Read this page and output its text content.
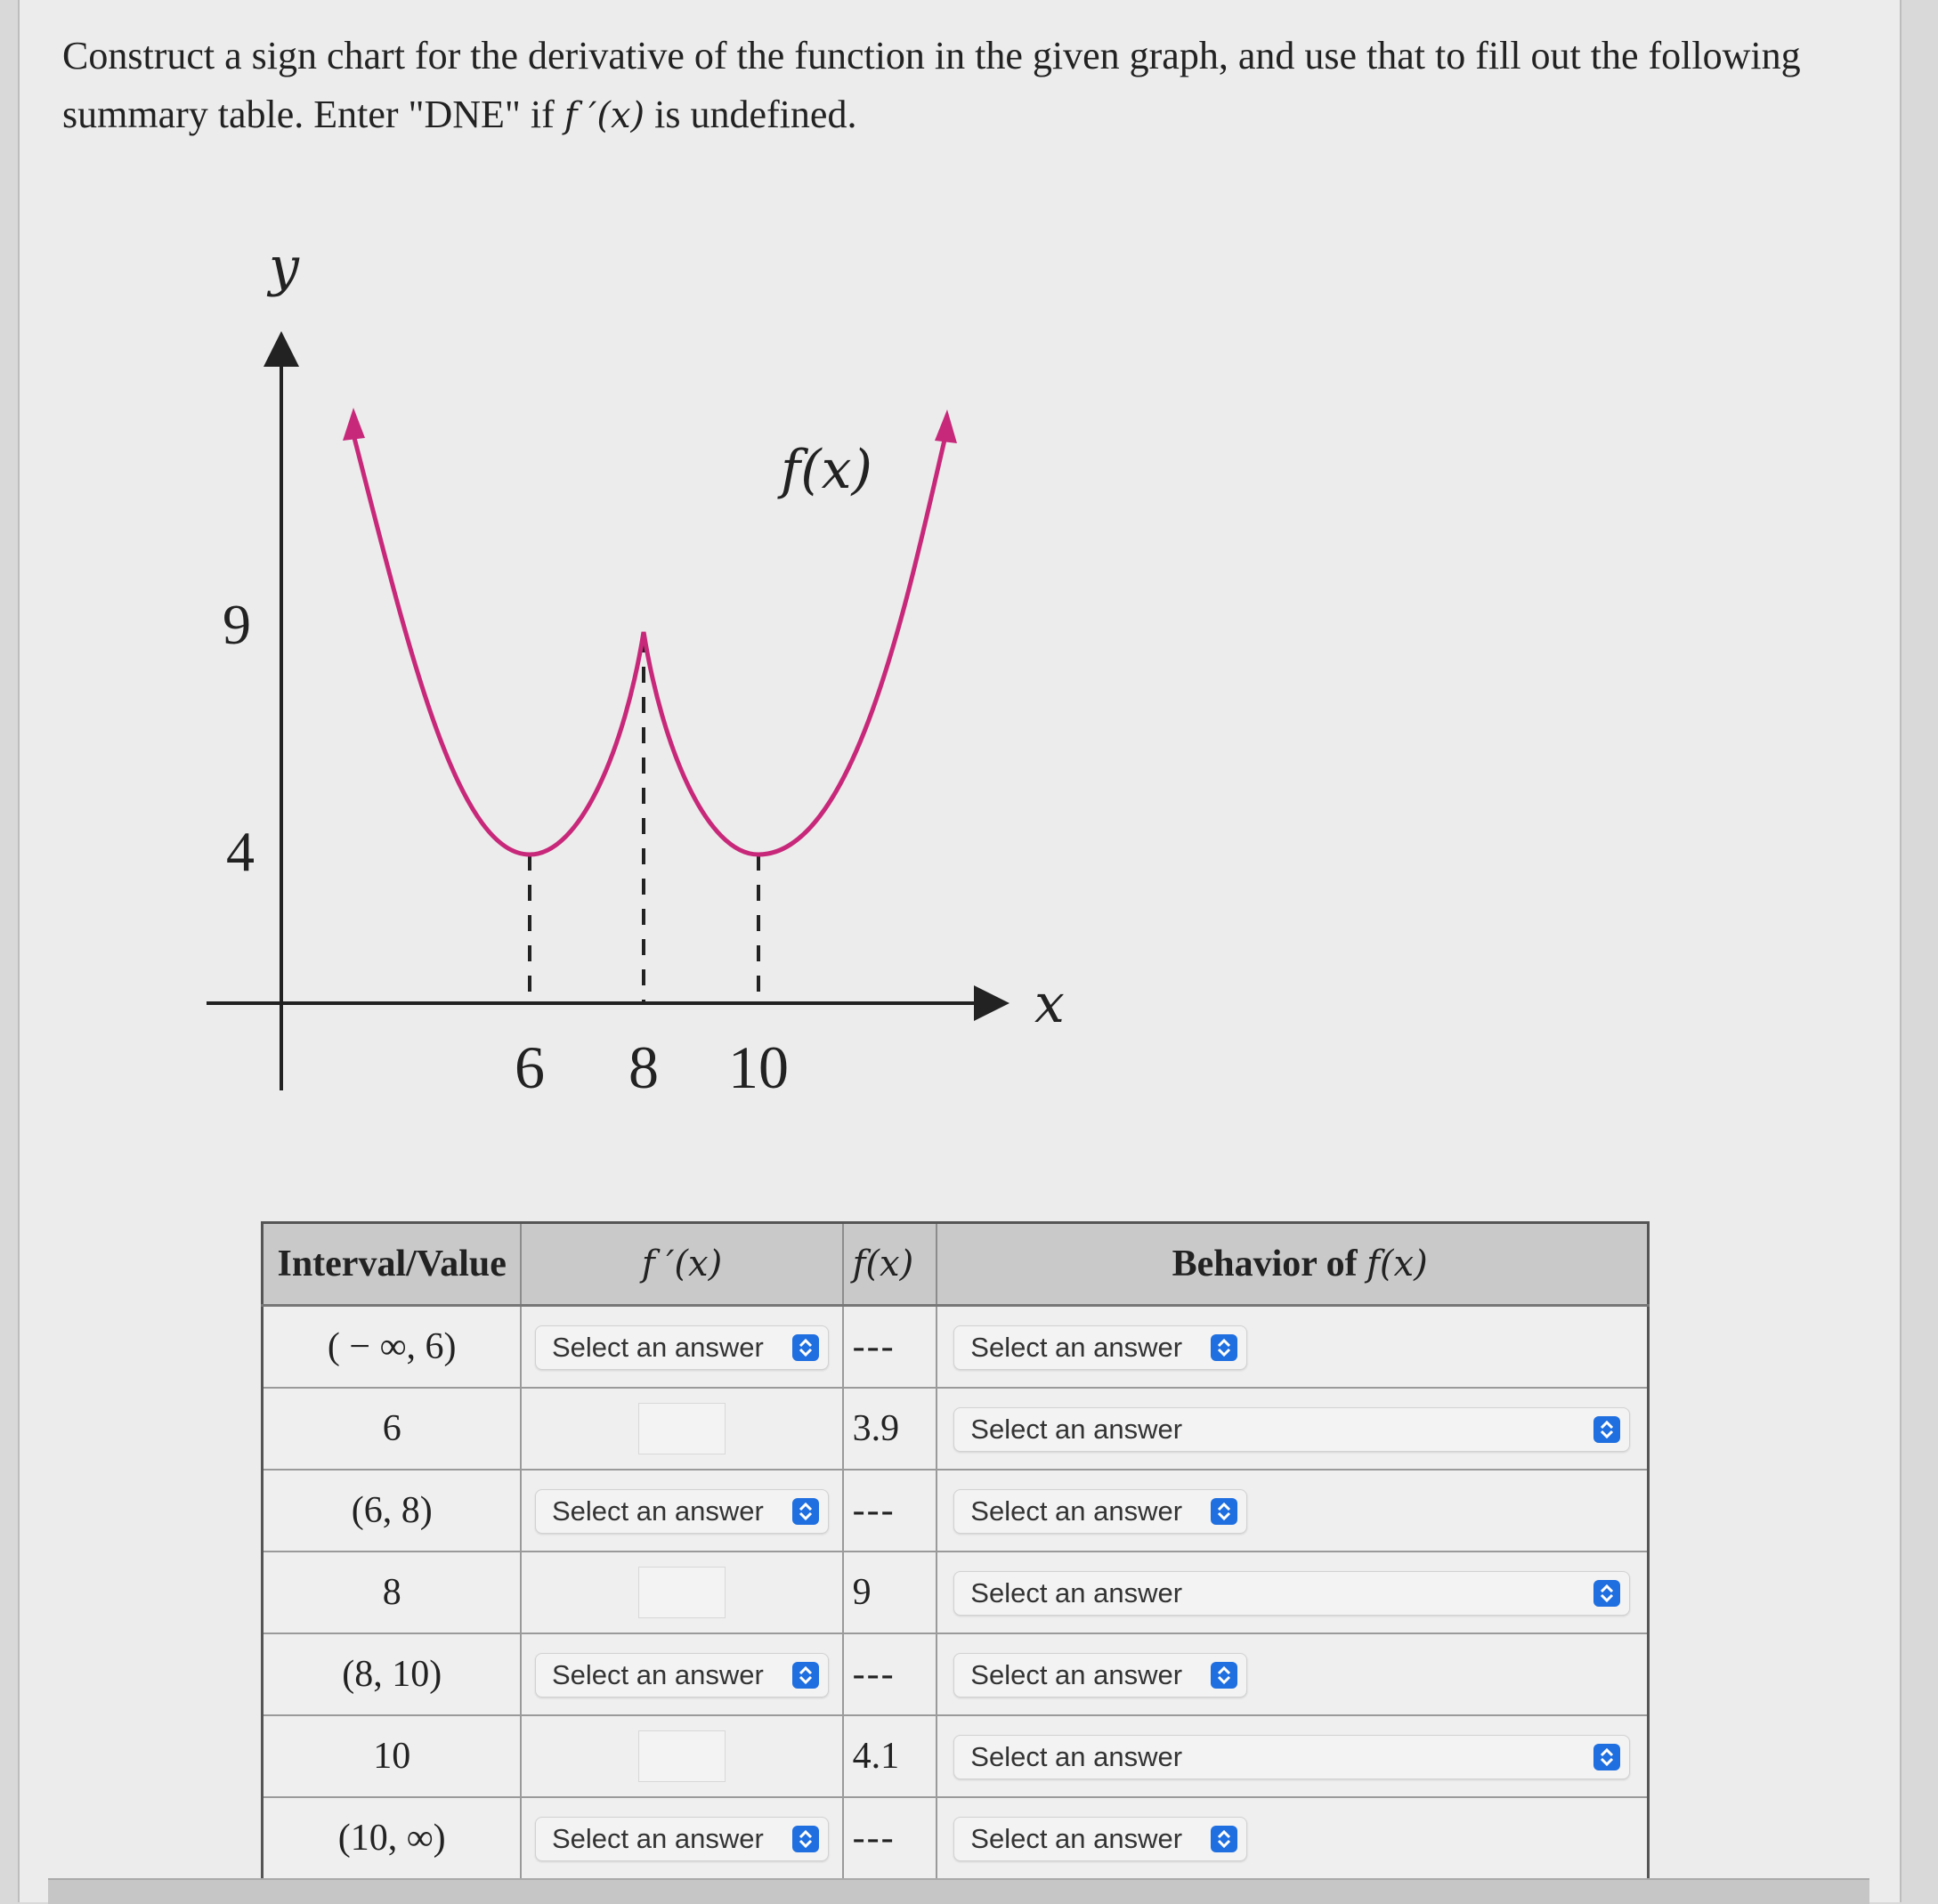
Construct a sign chart for the derivative of the function in the given graph, and use that to fill out the following summary table. Enter "DNE" if f ′(x) is undefined.
y
x
f(x)
9
4
6 8 10
Interval/Value	f ′(x)	f(x)	Behavior of f(x)
( − ∞, 6)	Select an answer	---	Select an answer

6		3.9	Select an answer

(6, 8)	Select an answer	---	Select an answer

8		9	Select an answer

(8, 10)	Select an answer	---	Select an answer

10		4.1	Select an answer

(10, ∞)	Select an answer	---	Select an answer
